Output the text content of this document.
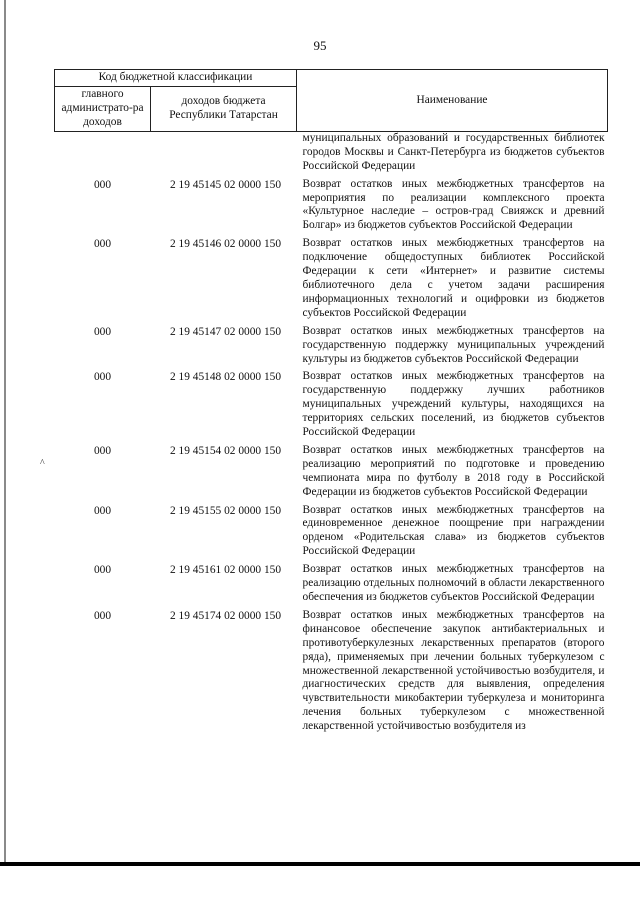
95
^
Код бюджетной классификации		Наименование
главного администрато-ра доходов	доходов бюджета Республики Татарстан	
		муниципальных образований и государственных библиотек городов Москвы и Санкт-Петербурга из бюджетов субъектов Российской Федерации
000	2 19 45145 02 0000 150	Возврат остатков иных межбюджетных трансфертов на мероприятия по реализации комплексного проекта «Культурное наследие – остров-град Свияжск и древний Болгар» из бюджетов субъектов Российской Федерации
000	2 19 45146 02 0000 150	Возврат остатков иных межбюджетных трансфертов на подключение общедоступных библиотек Российской Федерации к сети «Интернет» и развитие системы библиотечного дела с учетом задачи расширения информационных технологий и оцифровки из бюджетов субъектов Российской Федерации
000	2 19 45147 02 0000 150	Возврат остатков иных межбюджетных трансфертов на государственную поддержку муниципальных учреждений культуры из бюджетов субъектов Российской Федерации
000	2 19 45148 02 0000 150	Возврат остатков иных межбюджетных трансфертов на государственную поддержку лучших работников муниципальных учреждений культуры, находящихся на территориях сельских поселений, из бюджетов субъектов Российской Федерации
000	2 19 45154 02 0000 150	Возврат остатков иных межбюджетных трансфертов на реализацию мероприятий по подготовке и проведению чемпионата мира по футболу в 2018 году в Российской Федерации из бюджетов субъектов Российской Федерации
000	2 19 45155 02 0000 150	Возврат остатков иных межбюджетных трансфертов на единовременное денежное поощрение при награждении орденом «Родительская слава» из бюджетов субъектов Российской Федерации
000	2 19 45161 02 0000 150	Возврат остатков иных межбюджетных трансфертов на реализацию отдельных полномочий в области лекарственного обеспечения из бюджетов субъектов Российской Федерации
000	2 19 45174 02 0000 150	Возврат остатков иных межбюджетных трансфертов на финансовое обеспечение закупок антибактериальных и противотуберкулезных лекарственных препаратов (второго ряда), применяемых при лечении больных туберкулезом с множественной лекарственной устойчивостью возбудителя, и диагностических средств для выявления, определения чувствительности микобактерии туберкулеза и мониторинга лечения больных туберкулезом с множественной лекарственной устойчивостью возбудителя из
